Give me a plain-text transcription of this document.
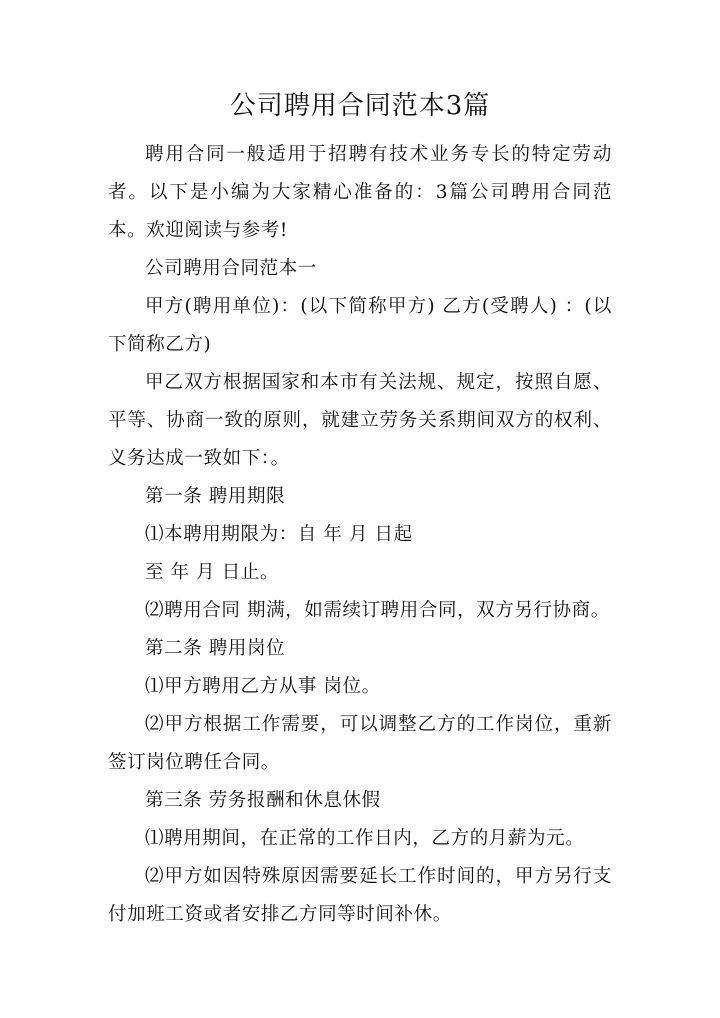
公司聘用合同范本3篇

聘用合同一般适用于招聘有技术业务专长的特定劳动者。以下是小编为大家精心准备的：3篇公司聘用合同范本。欢迎阅读与参考!

公司聘用合同范本一

甲方(聘用单位)：(以下简称甲方) 乙方(受聘人) ：(以下简称乙方)

甲乙双方根据国家和本市有关法规、规定，按照自愿、平等、协商一致的原则，就建立劳务关系期间双方的权利、义务达成一致如下：。

第一条 聘用期限

⑴本聘用期限为：自 年 月 日起

至 年 月 日止。

⑵聘用合同 期满，如需续订聘用合同，双方另行协商。

第二条 聘用岗位

⑴甲方聘用乙方从事 岗位。

⑵甲方根据工作需要，可以调整乙方的工作岗位，重新签订岗位聘任合同。

第三条 劳务报酬和休息休假

⑴聘用期间，在正常的工作日内，乙方的月薪为元。

⑵甲方如因特殊原因需要延长工作时间的，甲方另行支付加班工资或者安排乙方同等时间补休。
